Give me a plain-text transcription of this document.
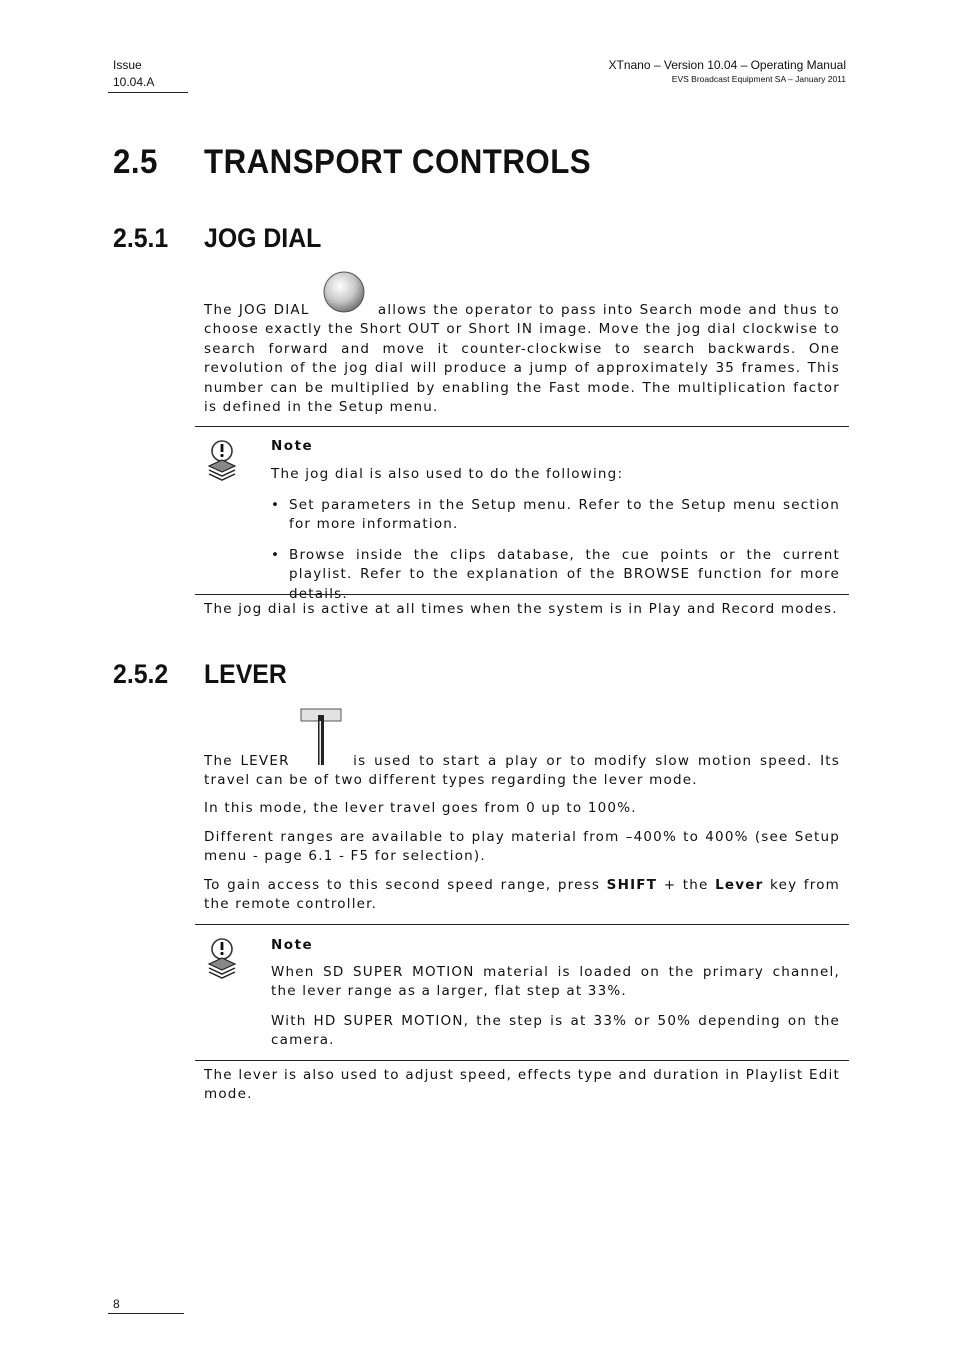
Issue
10.04.A
XTnano – Version 10.04 – Operating Manual
EVS Broadcast Equipment SA – January 2011
2.5 TRANSPORT CONTROLS
2.5.1 JOG DIAL
The JOG DIAL	allows the operator to pass into Search mode and thus to choose exactly the Short OUT or Short IN image. Move the jog dial clockwise to search forward and move it counter-clockwise to search backwards. One revolution of the jog dial will produce a jump of approximately 35 frames. This number can be multiplied by enabling the Fast mode. The multiplication factor is defined in the Setup menu.
Note
The jog dial is also used to do the following:
• Set parameters in the Setup menu. Refer to the Setup menu section for more information.
• Browse inside the clips database, the cue points or the current playlist. Refer to the explanation of the BROWSE function for more details.
The jog dial is active at all times when the system is in Play and Record modes.
2.5.2 LEVER
The LEVER	is used to start a play or to modify slow motion speed. Its travel can be of two different types regarding the lever mode.
In this mode, the lever travel goes from 0 up to 100%.
Different ranges are available to play material from –400% to 400% (see Setup menu - page 6.1 - F5 for selection).
To gain access to this second speed range, press SHIFT + the Lever key from the remote controller.
Note
When SD SUPER MOTION material is loaded on the primary channel, the lever range as a larger, flat step at 33%.
With HD SUPER MOTION, the step is at 33% or 50% depending on the camera.
The lever is also used to adjust speed, effects type and duration in Playlist Edit mode.
8
